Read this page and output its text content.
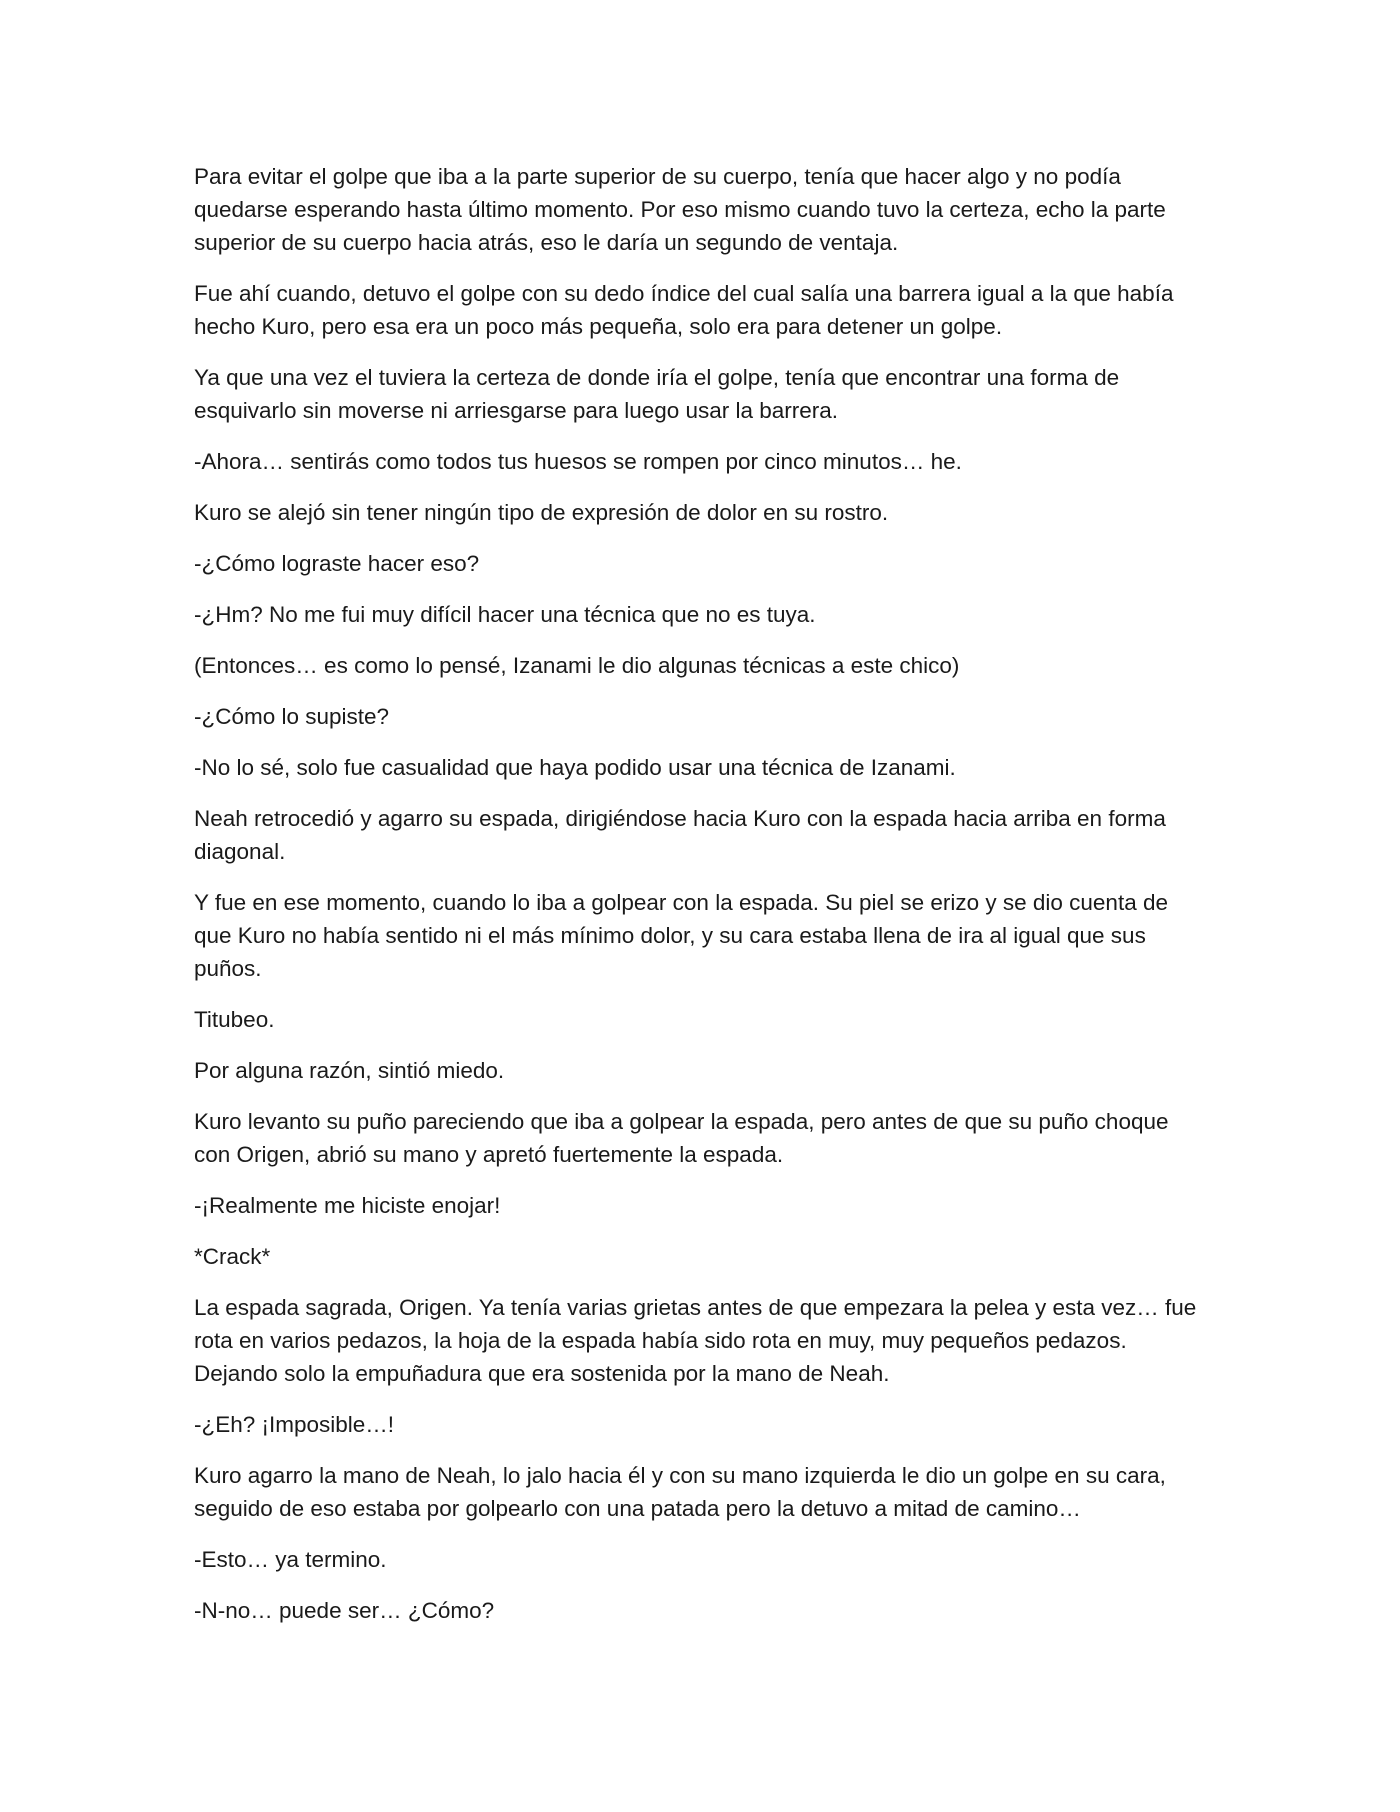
Para evitar el golpe que iba a la parte superior de su cuerpo, tenía que hacer algo y no podía quedarse esperando hasta último momento. Por eso mismo cuando tuvo la certeza, echo la parte superior de su cuerpo hacia atrás, eso le daría un segundo de ventaja.

Fue ahí cuando, detuvo el golpe con su dedo índice del cual salía una barrera igual a la que había hecho Kuro, pero esa era un poco más pequeña, solo era para detener un golpe.

Ya que una vez el tuviera la certeza de donde iría el golpe, tenía que encontrar una forma de esquivarlo sin moverse ni arriesgarse para luego usar la barrera.

-Ahora… sentirás como todos tus huesos se rompen por cinco minutos… he.

Kuro se alejó sin tener ningún tipo de expresión de dolor en su rostro.

-¿Cómo lograste hacer eso?

-¿Hm? No me fui muy difícil hacer una técnica que no es tuya.

(Entonces… es como lo pensé, Izanami le dio algunas técnicas a este chico)

-¿Cómo lo supiste?

-No lo sé, solo fue casualidad que haya podido usar una técnica de Izanami.

Neah retrocedió y agarro su espada, dirigiéndose hacia Kuro con la espada hacia arriba en forma diagonal.

Y fue en ese momento, cuando lo iba a golpear con la espada. Su piel se erizo y se dio cuenta de que Kuro no había sentido ni el más mínimo dolor, y su cara estaba llena de ira al igual que sus puños.

Titubeo.

Por alguna razón, sintió miedo.

Kuro levanto su puño pareciendo que iba a golpear la espada, pero antes de que su puño choque con Origen, abrió su mano y apretó fuertemente la espada.

-¡Realmente me hiciste enojar!

*Crack*

La espada sagrada, Origen. Ya tenía varias grietas antes de que empezara la pelea y esta vez… fue rota en varios pedazos, la hoja de la espada había sido rota en muy, muy pequeños pedazos. Dejando solo la empuñadura que era sostenida por la mano de Neah.

-¿Eh? ¡Imposible…!

Kuro agarro la mano de Neah, lo jalo hacia él y con su mano izquierda le dio un golpe en su cara, seguido de eso estaba por golpearlo con una patada pero la detuvo a mitad de camino…

-Esto… ya termino.

-N-no… puede ser… ¿Cómo?
